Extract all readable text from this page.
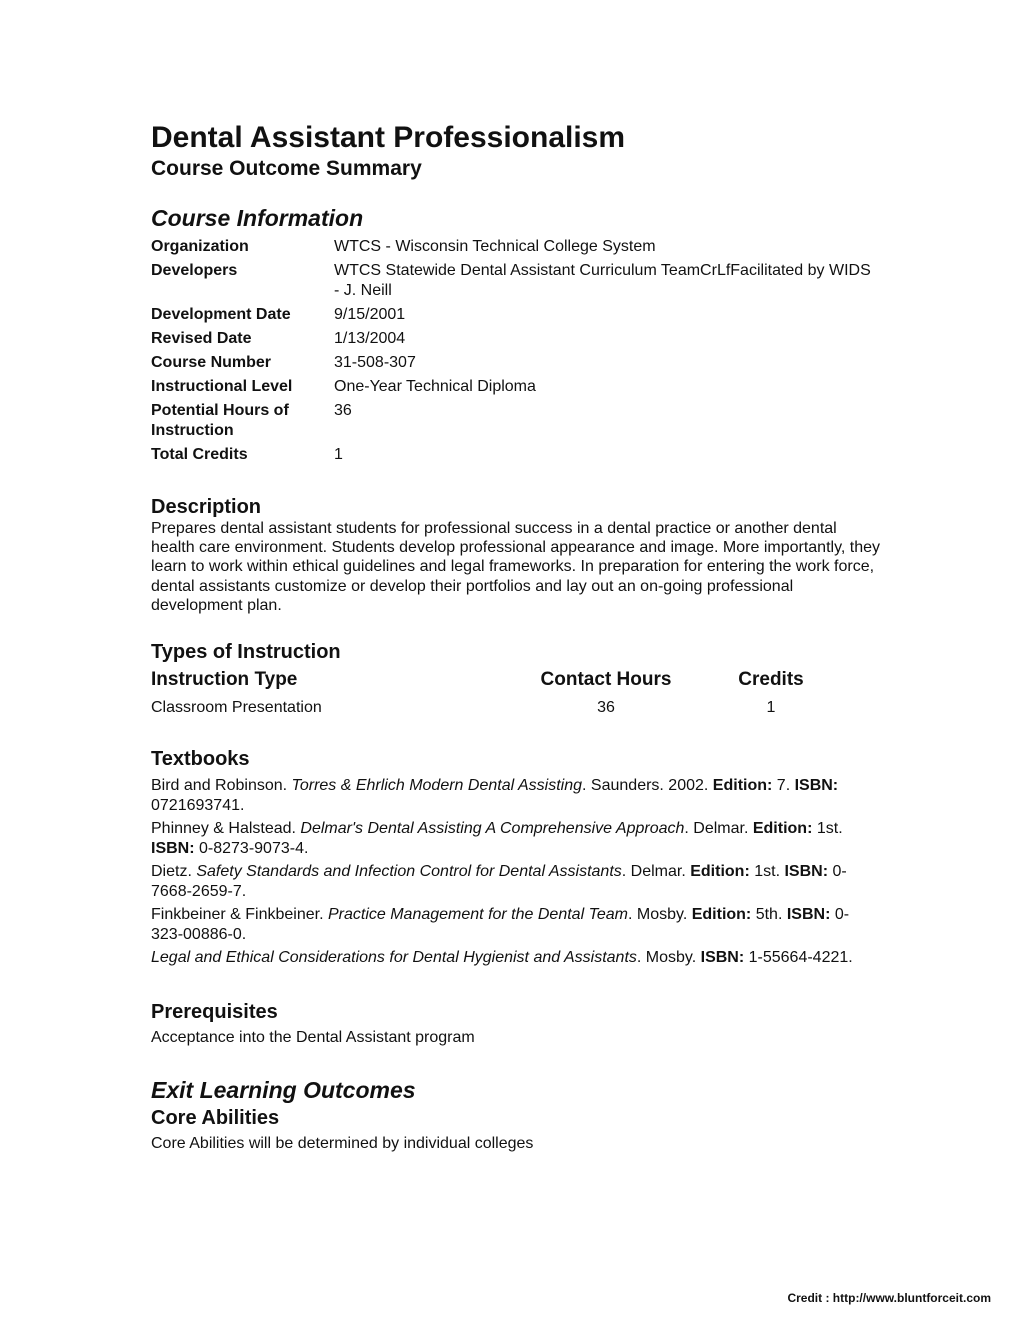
Dental Assistant Professionalism
Course Outcome Summary
Course Information
Organization	WTCS - Wisconsin Technical College System
Developers	WTCS Statewide Dental Assistant Curriculum TeamCrLfFacilitated by WIDS - J. Neill
Development Date	9/15/2001
Revised Date	1/13/2004
Course Number	31-508-307
Instructional Level	One-Year Technical Diploma
Potential Hours of Instruction	36
Total Credits	1
Description

Prepares dental assistant students for professional success in a dental practice or another dental health care environment. Students develop professional appearance and image. More importantly, they learn to work within ethical guidelines and legal frameworks. In preparation for entering the work force, dental assistants customize or develop their portfolios and lay out an on-going professional development plan.

Types of Instruction
Instruction Type	Contact Hours	Credits
Classroom Presentation	36	1
Textbooks

Bird and Robinson. Torres & Ehrlich Modern Dental Assisting. Saunders. 2002. Edition: 7. ISBN: 0721693741.

Phinney & Halstead. Delmar's Dental Assisting A Comprehensive Approach. Delmar. Edition: 1st. ISBN: 0-8273-9073-4.

Dietz. Safety Standards and Infection Control for Dental Assistants. Delmar. Edition: 1st. ISBN: 0-7668-2659-7.

Finkbeiner & Finkbeiner. Practice Management for the Dental Team. Mosby. Edition: 5th. ISBN: 0-323-00886-0.

Legal and Ethical Considerations for Dental Hygienist and Assistants. Mosby. ISBN: 1-55664-4221.

Prerequisites

Acceptance into the Dental Assistant program

Exit Learning Outcomes
Core Abilities

Core Abilities will be determined by individual colleges

Credit : http://www.bluntforceit.com
